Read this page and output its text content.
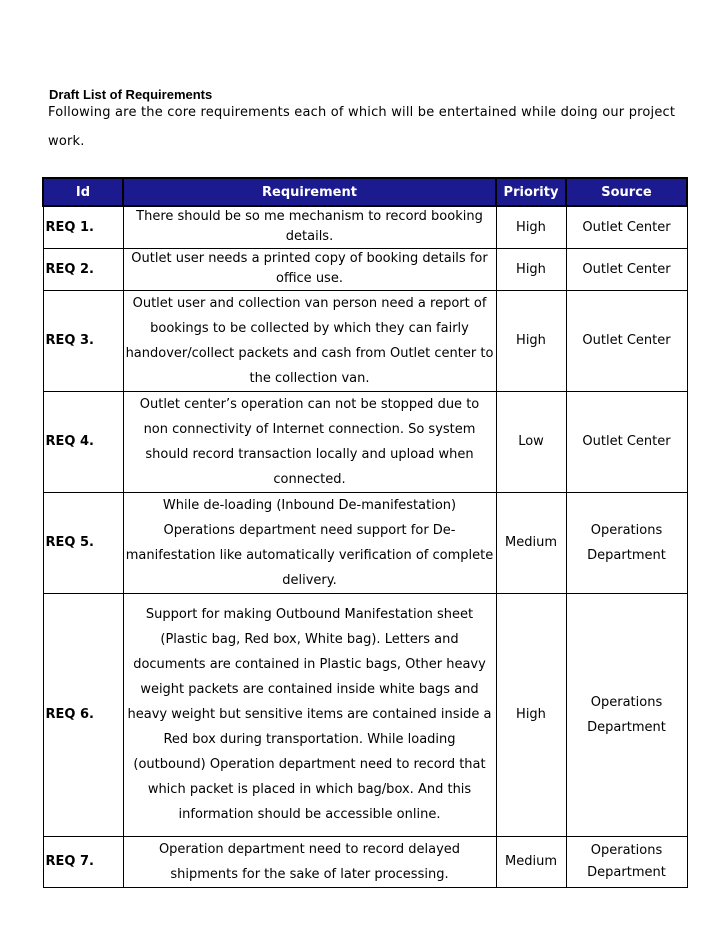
Draft List of Requirements
Following are the core requirements each of which will be entertained while doing our project work.
Id	Requirement	Priority	Source
REQ 1.	There should be so me mechanism to record booking details.	High	Outlet Center
REQ 2.	Outlet user needs a printed copy of booking details for office use.	High	Outlet Center
REQ 3.	Outlet user and collection van person need a report of bookings to be collected by which they can fairly handover/collect packets and cash from Outlet center to the collection van.	High	Outlet Center
REQ 4.	Outlet center’s operation can not be stopped due to non connectivity of Internet connection. So system should record transaction locally and upload when connected.	Low	Outlet Center
REQ 5.	While de-loading (Inbound De-manifestation) Operations department need support for De-manifestation like automatically verification of complete delivery.	Medium	Operations Department
REQ 6.	Support for making Outbound Manifestation sheet (Plastic bag, Red box, White bag). Letters and documents are contained in Plastic bags, Other heavy weight packets are contained inside white bags and heavy weight but sensitive items are contained inside a Red box during transportation. While loading (outbound) Operation department need to record that which packet is placed in which bag/box. And this information should be accessible online.	High	Operations Department
REQ 7.	Operation department need to record delayed shipments for the sake of later processing.	Medium	Operations Department
